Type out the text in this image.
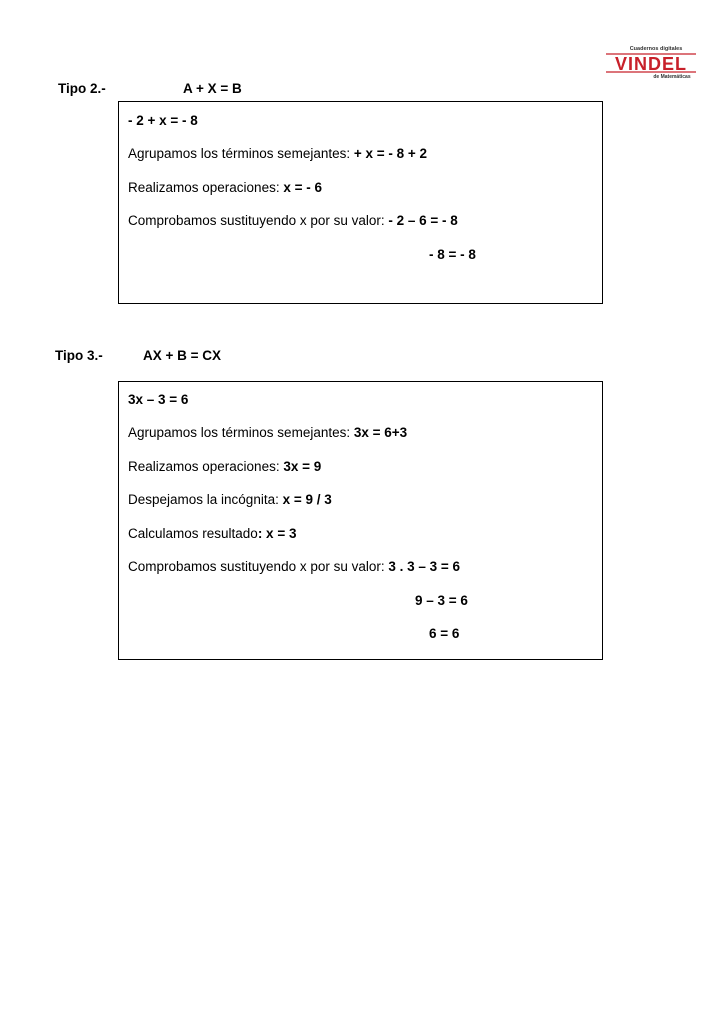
Cuadernos digitales
VINDEL
de Matemáticas
Tipo 2.-	A + X = B
- 2 + x = - 8
Agrupamos los términos semejantes: + x = - 8 + 2
Realizamos operaciones: x = - 6
Comprobamos sustituyendo x por su valor: - 2 – 6 = - 8
- 8 = - 8
Tipo 3.-	AX + B = CX
3x – 3 = 6
Agrupamos los términos semejantes: 3x = 6+3
Realizamos operaciones: 3x = 9
Despejamos la incógnita: x = 9 / 3
Calculamos resultado: x = 3
Comprobamos sustituyendo x por su valor: 3 . 3 – 3 = 6
9 – 3 = 6
6 = 6
